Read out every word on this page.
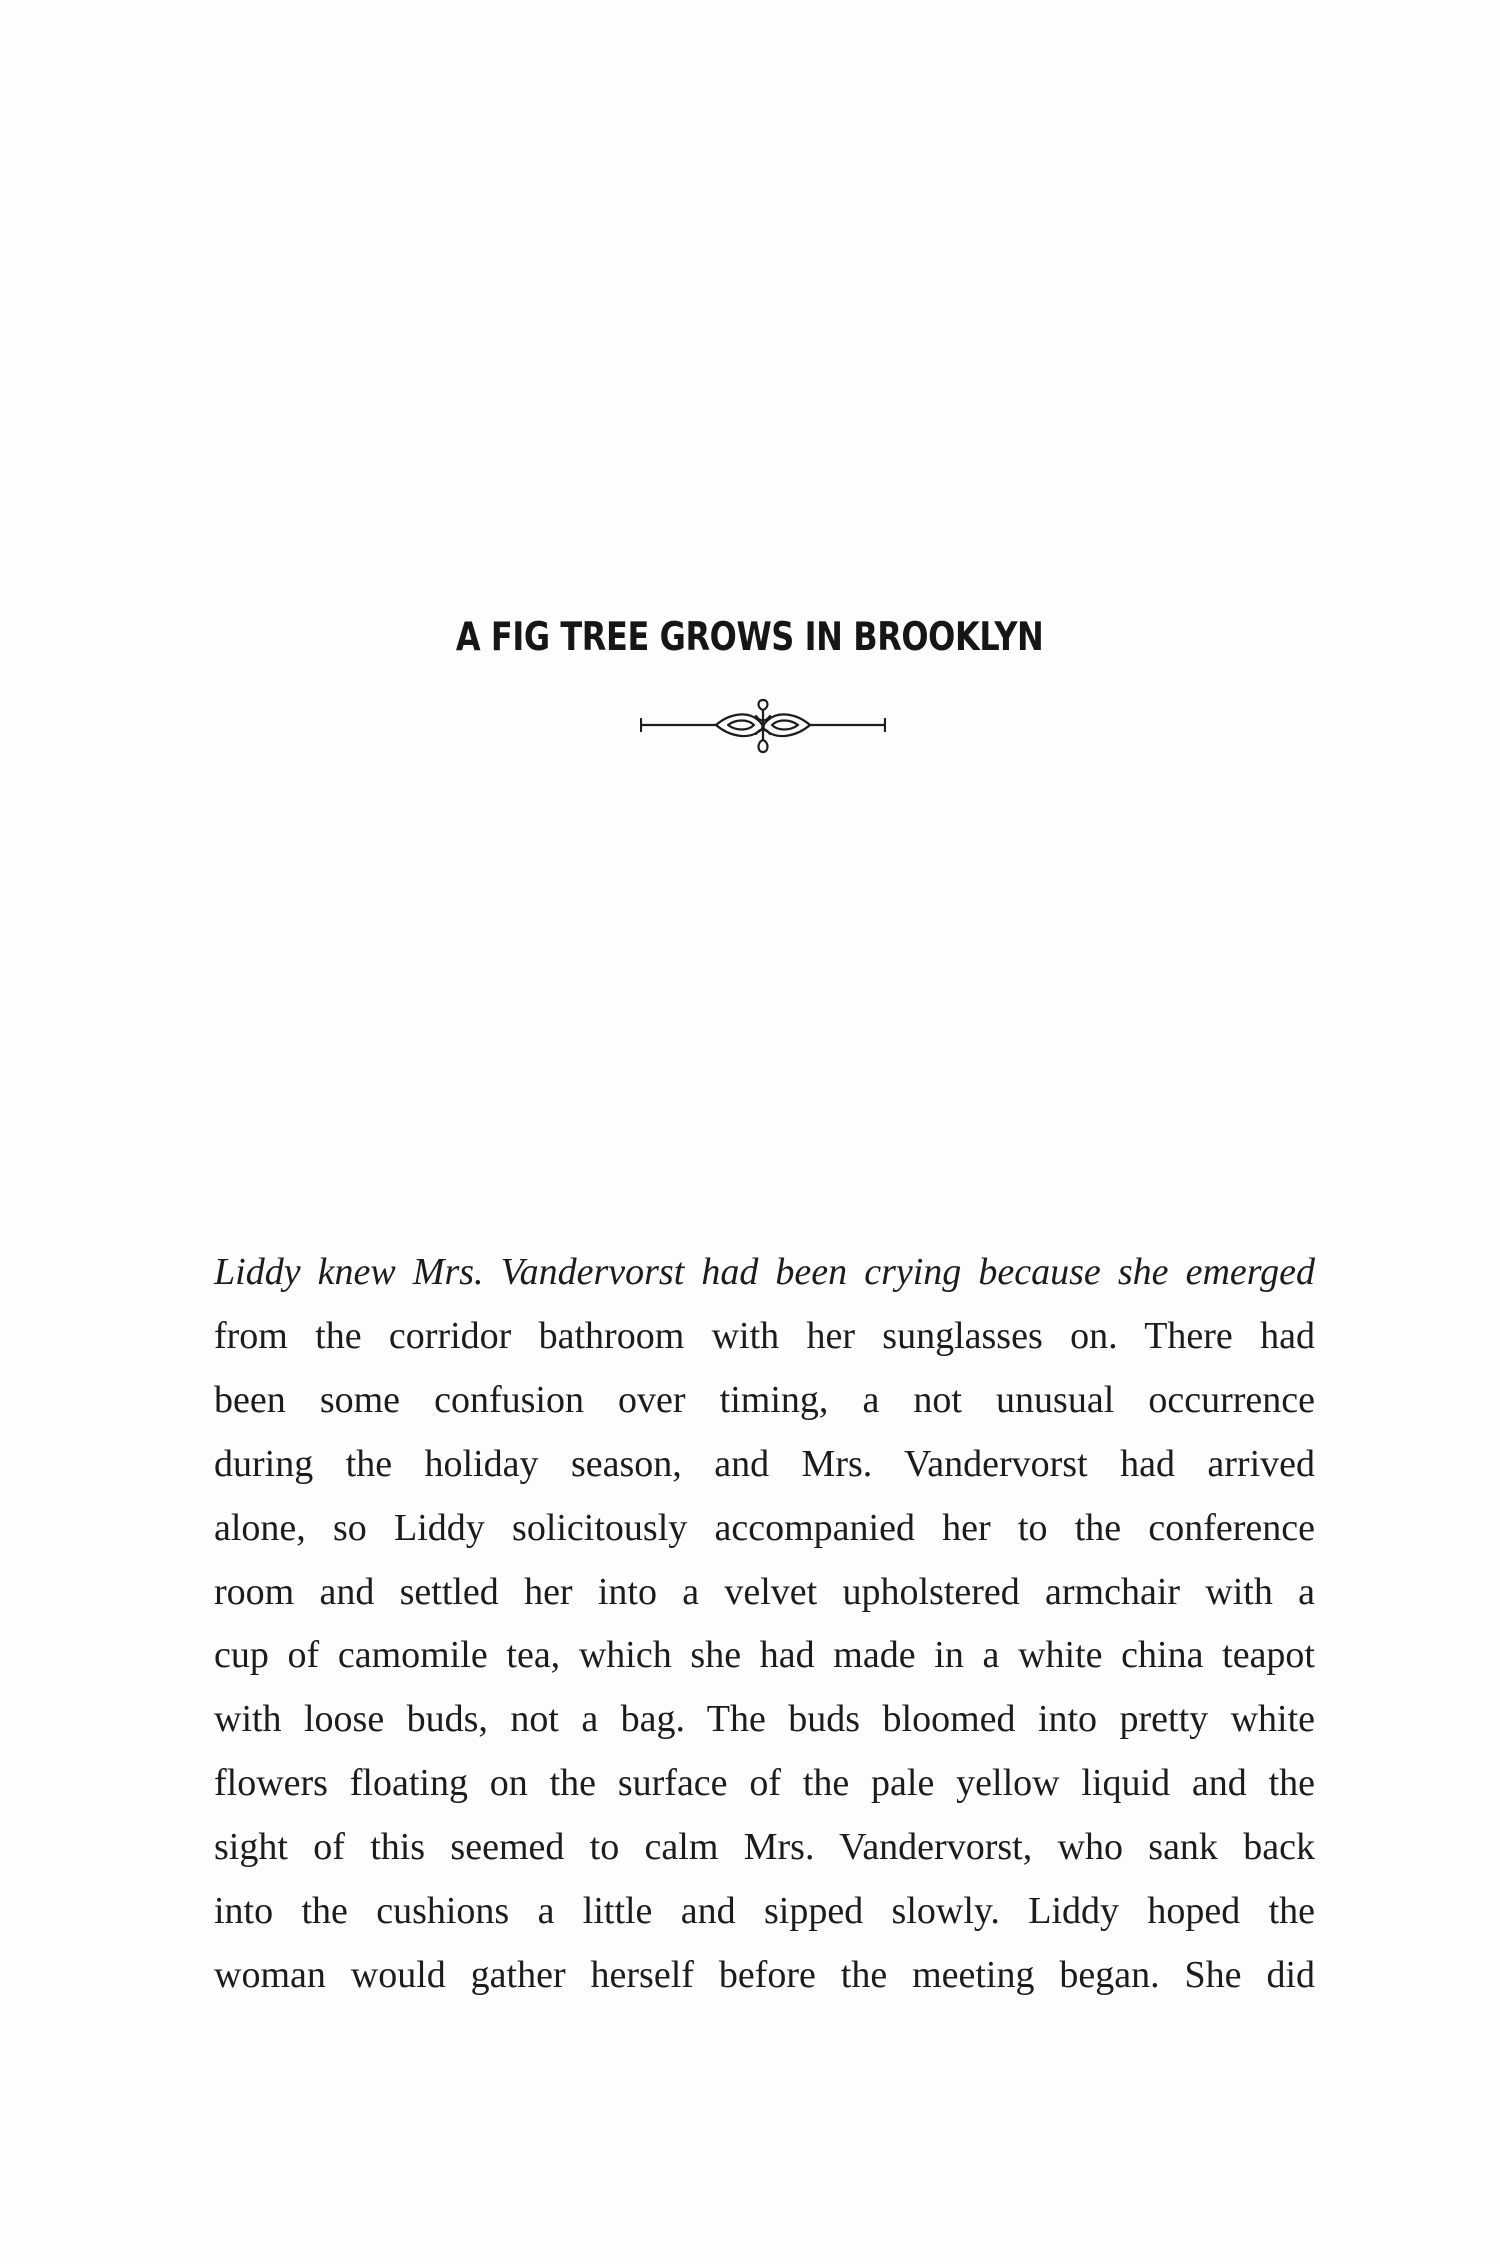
A FIG TREE GROWS IN BROOKLYN
Liddy knew Mrs. Vandervorst had been crying because she emerged
from the corridor bathroom with her sunglasses on. There had
been some confusion over timing, a not unusual occurrence
during the holiday season, and Mrs. Vandervorst had arrived
alone, so Liddy solicitously accompanied her to the conference
room and settled her into a velvet upholstered armchair with a
cup of camomile tea, which she had made in a white china teapot
with loose buds, not a bag. The buds bloomed into pretty white
flowers floating on the surface of the pale yellow liquid and the
sight of this seemed to calm Mrs. Vandervorst, who sank back
into the cushions a little and sipped slowly. Liddy hoped the
woman would gather herself before the meeting began. She did
